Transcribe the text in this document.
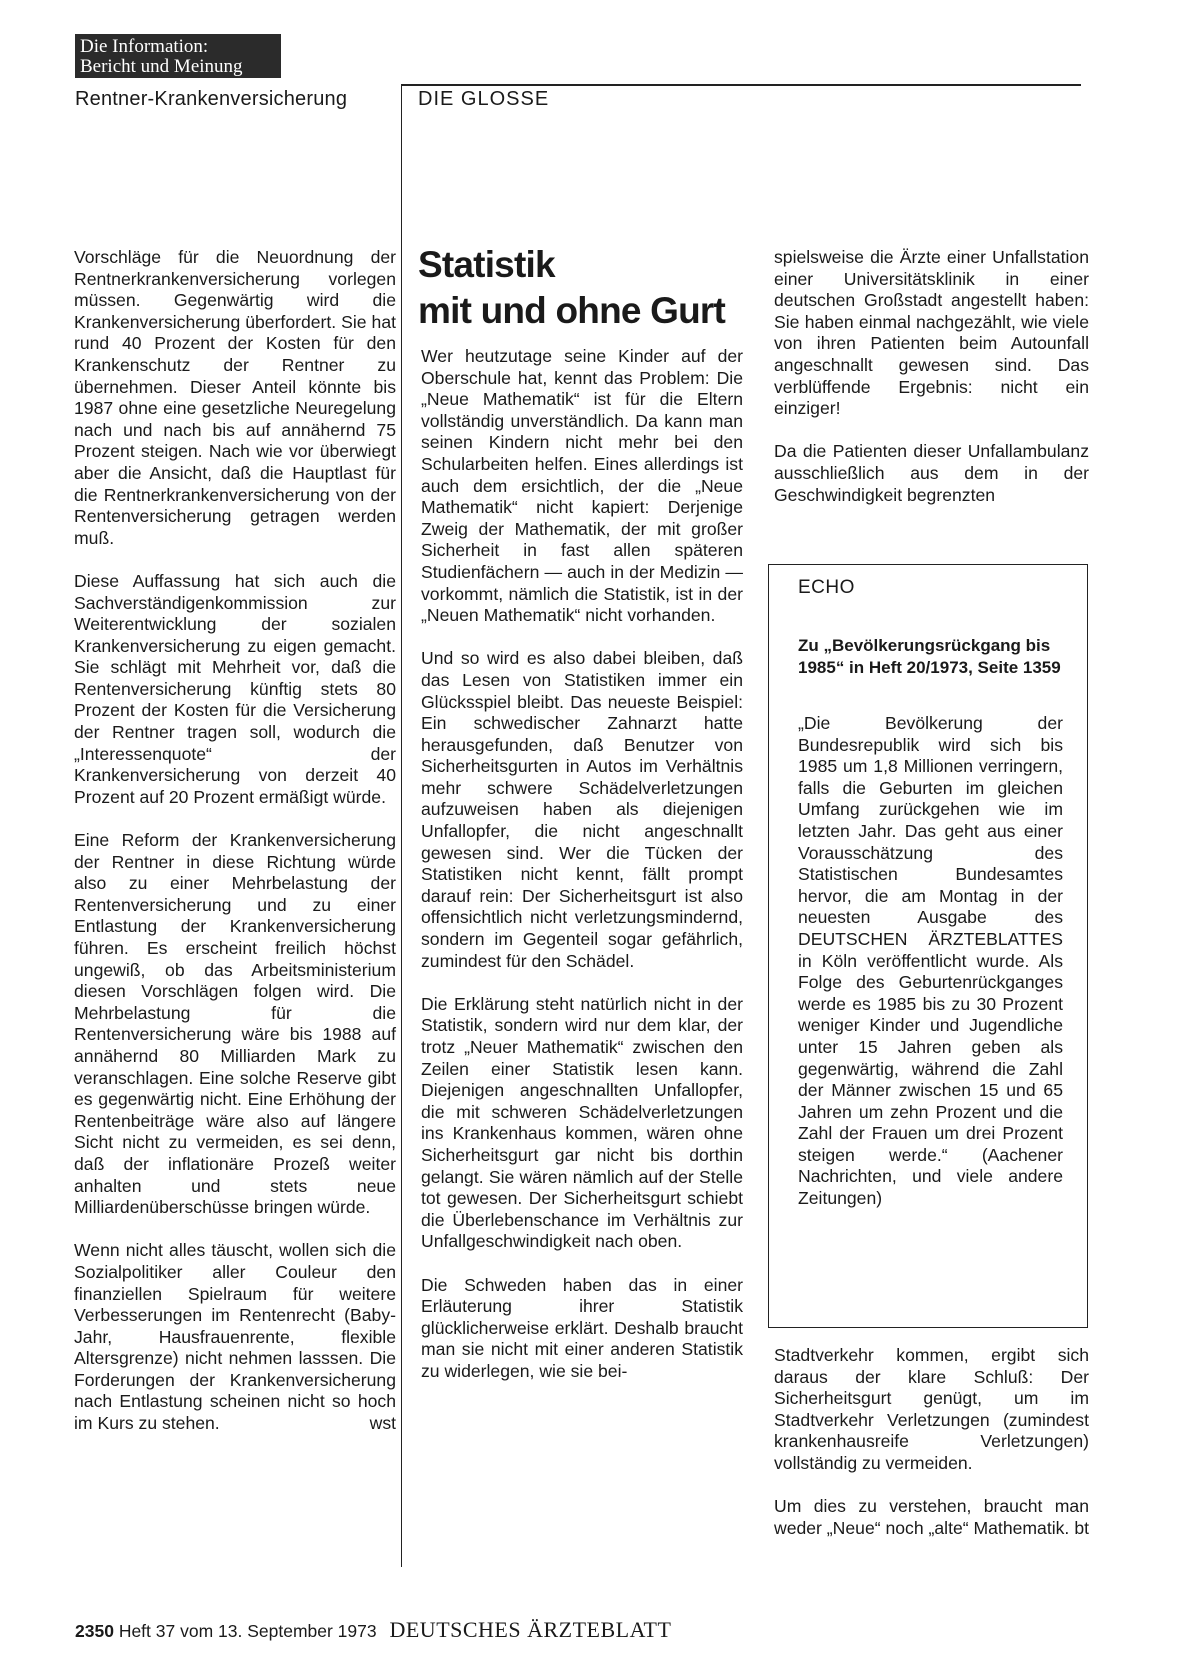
Die Information:
Bericht und Meinung
Rentner-Krankenversicherung	DIE GLOSSE

Vorschläge für die Neuordnung der Rentnerkrankenversicherung vorlegen müssen. Gegenwärtig wird die Krankenversicherung überfordert. Sie hat rund 40 Prozent der Kosten für den Krankenschutz der Rentner zu übernehmen. Dieser Anteil könnte bis 1987 ohne eine gesetzliche Neuregelung nach und nach bis auf annähernd 75 Prozent steigen. Nach wie vor überwiegt aber die Ansicht, daß die Hauptlast für die Rentnerkrankenversicherung von der Rentenversicherung getragen werden muß.

Diese Auffassung hat sich auch die Sachverständigenkommission zur Weiterentwicklung der sozialen Krankenversicherung zu eigen gemacht. Sie schlägt mit Mehrheit vor, daß die Rentenversicherung künftig stets 80 Prozent der Kosten für die Versicherung der Rentner tragen soll, wodurch die „Interessenquote“ der Krankenversicherung von derzeit 40 Prozent auf 20 Prozent ermäßigt würde.

Eine Reform der Krankenversicherung der Rentner in diese Richtung würde also zu einer Mehrbelastung der Rentenversicherung und zu einer Entlastung der Krankenversicherung führen. Es erscheint freilich höchst ungewiß, ob das Arbeitsministerium diesen Vorschlägen folgen wird. Die Mehrbelastung für die Rentenversicherung wäre bis 1988 auf annähernd 80 Milliarden Mark zu veranschlagen. Eine solche Reserve gibt es gegenwärtig nicht. Eine Erhöhung der Rentenbeiträge wäre also auf längere Sicht nicht zu vermeiden, es sei denn, daß der inflationäre Prozeß weiter anhalten und stets neue Milliardenüberschüsse bringen würde.

Wenn nicht alles täuscht, wollen sich die Sozialpolitiker aller Couleur den finanziellen Spielraum für weitere Verbesserungen im Rentenrecht (Baby-Jahr, Hausfrauenrente, flexible Altersgrenze) nicht nehmen lasssen. Die Forderungen der Krankenversicherung nach Entlastung scheinen nicht so hoch im Kurs zu stehen.	wst

Statistik
mit und ohne Gurt

Wer heutzutage seine Kinder auf der Oberschule hat, kennt das Problem: Die „Neue Mathematik“ ist für die Eltern vollständig unverständlich. Da kann man seinen Kindern nicht mehr bei den Schularbeiten helfen. Eines allerdings ist auch dem ersichtlich, der die „Neue Mathematik“ nicht kapiert: Derjenige Zweig der Mathematik, der mit großer Sicherheit in fast allen späteren Studienfächern — auch in der Medizin — vorkommt, nämlich die Statistik, ist in der „Neuen Mathematik“ nicht vorhanden.

Und so wird es also dabei bleiben, daß das Lesen von Statistiken immer ein Glücksspiel bleibt. Das neueste Beispiel: Ein schwedischer Zahnarzt hatte herausgefunden, daß Benutzer von Sicherheitsgurten in Autos im Verhältnis mehr schwere Schädelverletzungen aufzuweisen haben als diejenigen Unfallopfer, die nicht angeschnallt gewesen sind. Wer die Tücken der Statistiken nicht kennt, fällt prompt darauf rein: Der Sicherheitsgurt ist also offensichtlich nicht verletzungsmindernd, sondern im Gegenteil sogar gefährlich, zumindest für den Schädel.

Die Erklärung steht natürlich nicht in der Statistik, sondern wird nur dem klar, der trotz „Neuer Mathematik“ zwischen den Zeilen einer Statistik lesen kann. Diejenigen angeschnallten Unfallopfer, die mit schweren Schädelverletzungen ins Krankenhaus kommen, wären ohne Sicherheitsgurt gar nicht bis dorthin gelangt. Sie wären nämlich auf der Stelle tot gewesen. Der Sicherheitsgurt schiebt die Überlebenschance im Verhältnis zur Unfallgeschwindigkeit nach oben.

Die Schweden haben das in einer Erläuterung ihrer Statistik glücklicherweise erklärt. Deshalb braucht man sie nicht mit einer anderen Statistik zu widerlegen, wie sie bei-

spielsweise die Ärzte einer Unfallstation einer Universitätsklinik in einer deutschen Großstadt angestellt haben: Sie haben einmal nachgezählt, wie viele von ihren Patienten beim Autounfall angeschnallt gewesen sind. Das verblüffende Ergebnis: nicht ein einziger!

Da die Patienten dieser Unfallambulanz ausschließlich aus dem in der Geschwindigkeit begrenzten

ECHO

Zu „Bevölkerungsrückgang bis 1985“ in Heft 20/1973, Seite 1359

„Die Bevölkerung der Bundesrepublik wird sich bis 1985 um 1,8 Millionen verringern, falls die Geburten im gleichen Umfang zurückgehen wie im letzten Jahr. Das geht aus einer Vorausschätzung des Statistischen Bundesamtes hervor, die am Montag in der neuesten Ausgabe des DEUTSCHEN ÄRZTEBLATTES in Köln veröffentlicht wurde. Als Folge des Geburtenrückganges werde es 1985 bis zu 30 Prozent weniger Kinder und Jugendliche unter 15 Jahren geben als gegenwärtig, während die Zahl der Männer zwischen 15 und 65 Jahren um zehn Prozent und die Zahl der Frauen um drei Prozent steigen werde.“ (Aachener Nachrichten, und viele andere Zeitungen)

Stadtverkehr kommen, ergibt sich daraus der klare Schluß: Der Sicherheitsgurt genügt, um im Stadtverkehr Verletzungen (zumindest krankenhausreife Verletzungen) vollständig zu vermeiden.

Um dies zu verstehen, braucht man weder „Neue“ noch „alte“ Mathematik. bt

2350 Heft 37 vom 13. September 1973 DEUTSCHES ÄRZTEBLATT
